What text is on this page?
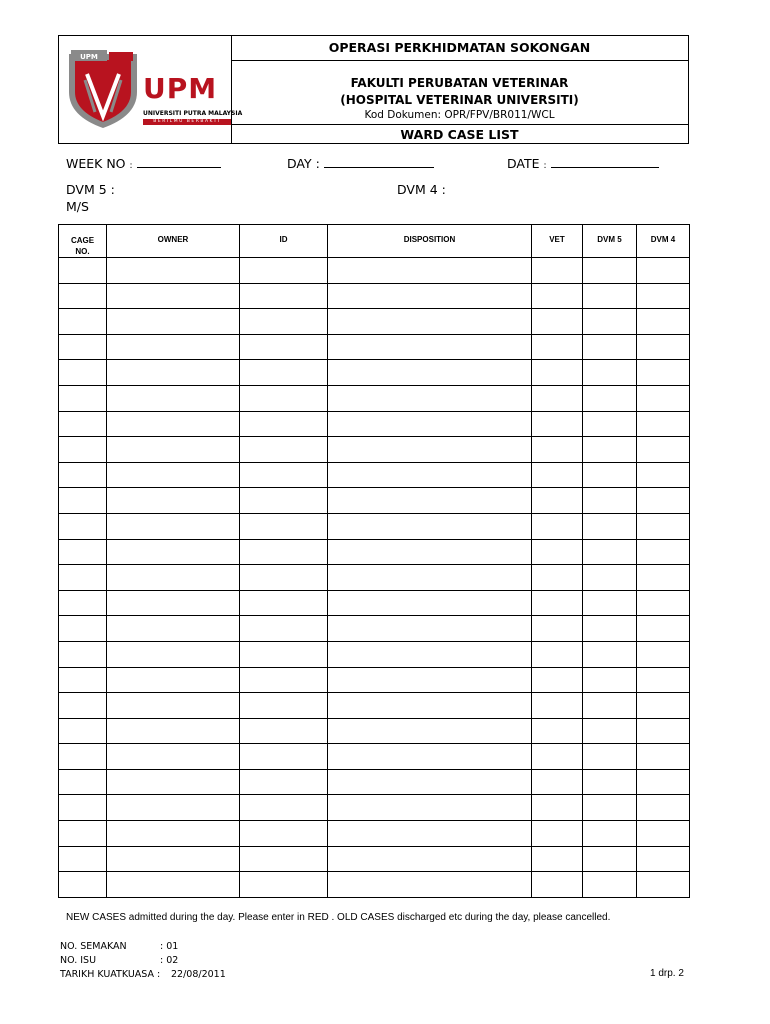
UPM
UPM
UNIVERSITI PUTRA MALAYSIA
BERILMU BERBAKTI
OPERASI PERKHIDMATAN SOKONGAN
FAKULTI PERUBATAN VETERINAR
(HOSPITAL VETERINAR UNIVERSITI)
Kod Dokumen: OPR/FPV/BR011/WCL
WARD CASE LIST
WEEK NO :	DAY :	DATE :
DVM 5 :	DVM 4 :
M/S
CAGE NO.	OWNER	ID	DISPOSITION	VET	DVM 5	DVM 4

NEW CASES admitted during the day. Please enter in RED . OLD CASES discharged etc during the day, please cancelled.
NO. SEMAKAN	: 01
NO. ISU	: 02
TARIKH KUATKUASA : 22/08/2011	1 drp. 2
